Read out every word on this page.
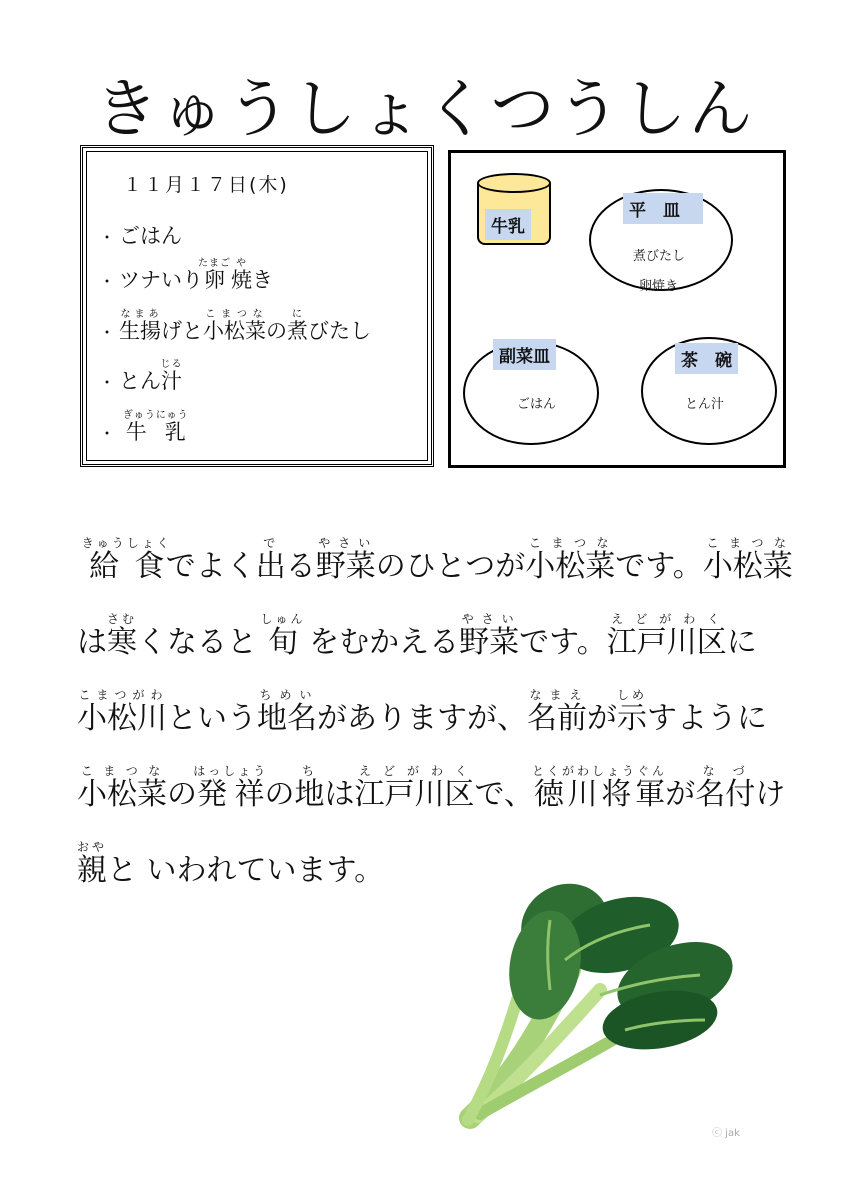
きゅうしょくつうしん
１１月１７日(木)
・ ごはん
・ ツナいり卵たまご焼やき
・ 生揚なまあげと小松菜こまつなの煮にびたし
・ とん汁じる
・ 牛 乳ぎゅうにゅう
牛乳
平　皿
煮びたし
卵焼き
副菜皿
ごはん
茶　碗
とん汁
給食きゅうしょくでよく出でる野菜やさいのひとつが小松菜こまつなです。小松菜こまつな
は寒さむくなると 旬しゅん をむかえる野菜やさいです。江戸川区えどがわくに
小松川こまつがわという地名ちめいがありますが、名前なまえが示しめすように
小松菜こまつなの発祥はっしょうの地ちは江戸川区えどがわくで、徳川将軍とくがわしょうぐんが名な付づけ
親おやと いわれています。
ⓒ jak
